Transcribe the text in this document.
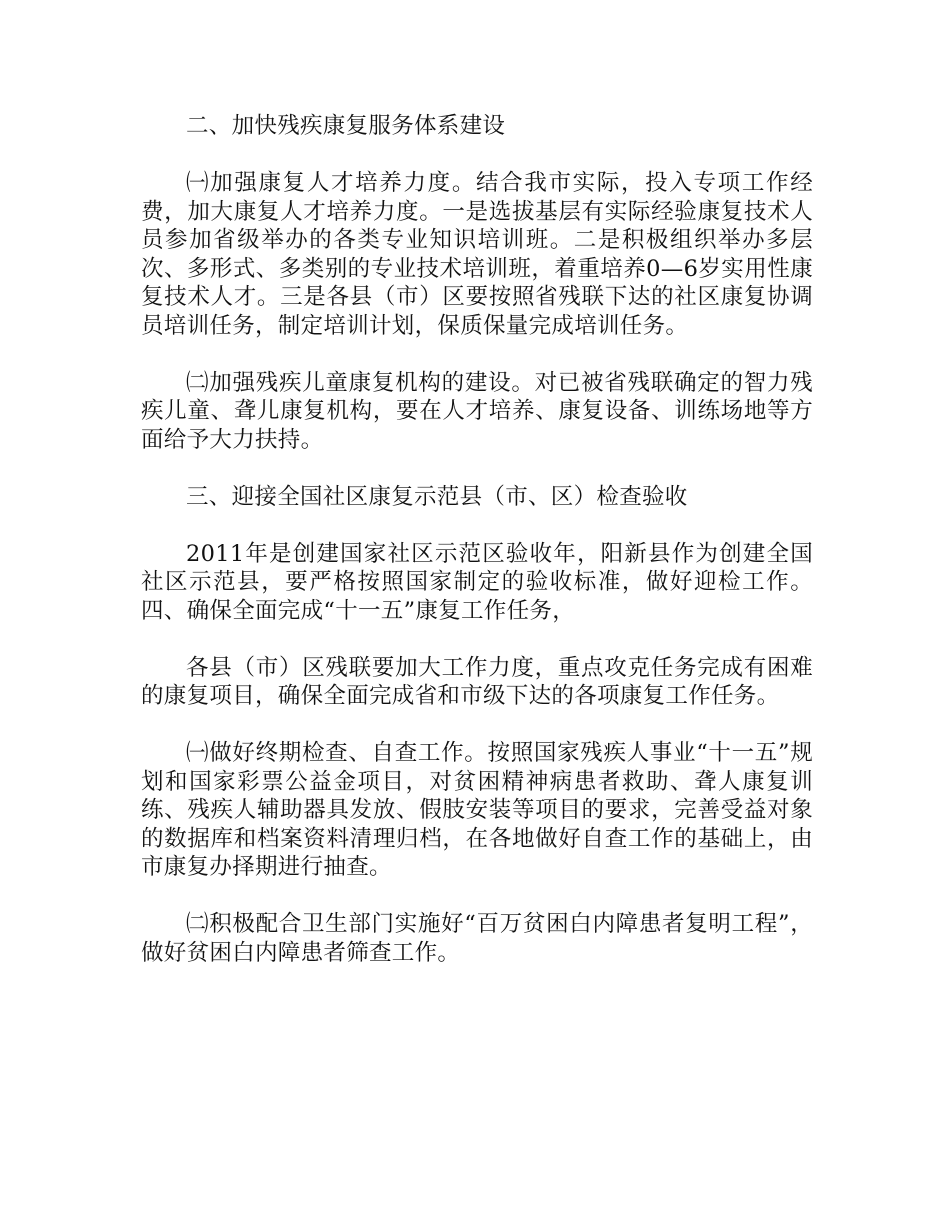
二、加快残疾康复服务体系建设

㈠加强康复人才培养力度。结合我市实际，投入专项工作经费，加大康复人才培养力度。一是选拔基层有实际经验康复技术人员参加省级举办的各类专业知识培训班。二是积极组织举办多层次、多形式、多类别的专业技术培训班，着重培养0—6岁实用性康复技术人才。三是各县（市）区要按照省残联下达的社区康复协调员培训任务，制定培训计划，保质保量完成培训任务。

㈡加强残疾儿童康复机构的建设。对已被省残联确定的智力残疾儿童、聋儿康复机构，要在人才培养、康复设备、训练场地等方面给予大力扶持。

三、迎接全国社区康复示范县（市、区）检查验收

2011年是创建国家社区示范区验收年，阳新县作为创建全国社区示范县，要严格按照国家制定的验收标准，做好迎检工作。四、确保全面完成“十一五”康复工作任务，

各县（市）区残联要加大工作力度，重点攻克任务完成有困难的康复项目，确保全面完成省和市级下达的各项康复工作任务。

㈠做好终期检查、自查工作。按照国家残疾人事业“十一五”规划和国家彩票公益金项目，对贫困精神病患者救助、聋人康复训练、残疾人辅助器具发放、假肢安装等项目的要求，完善受益对象的数据库和档案资料清理归档，在各地做好自查工作的基础上，由市康复办择期进行抽查。

㈡积极配合卫生部门实施好“百万贫困白内障患者复明工程”，做好贫困白内障患者筛查工作。
